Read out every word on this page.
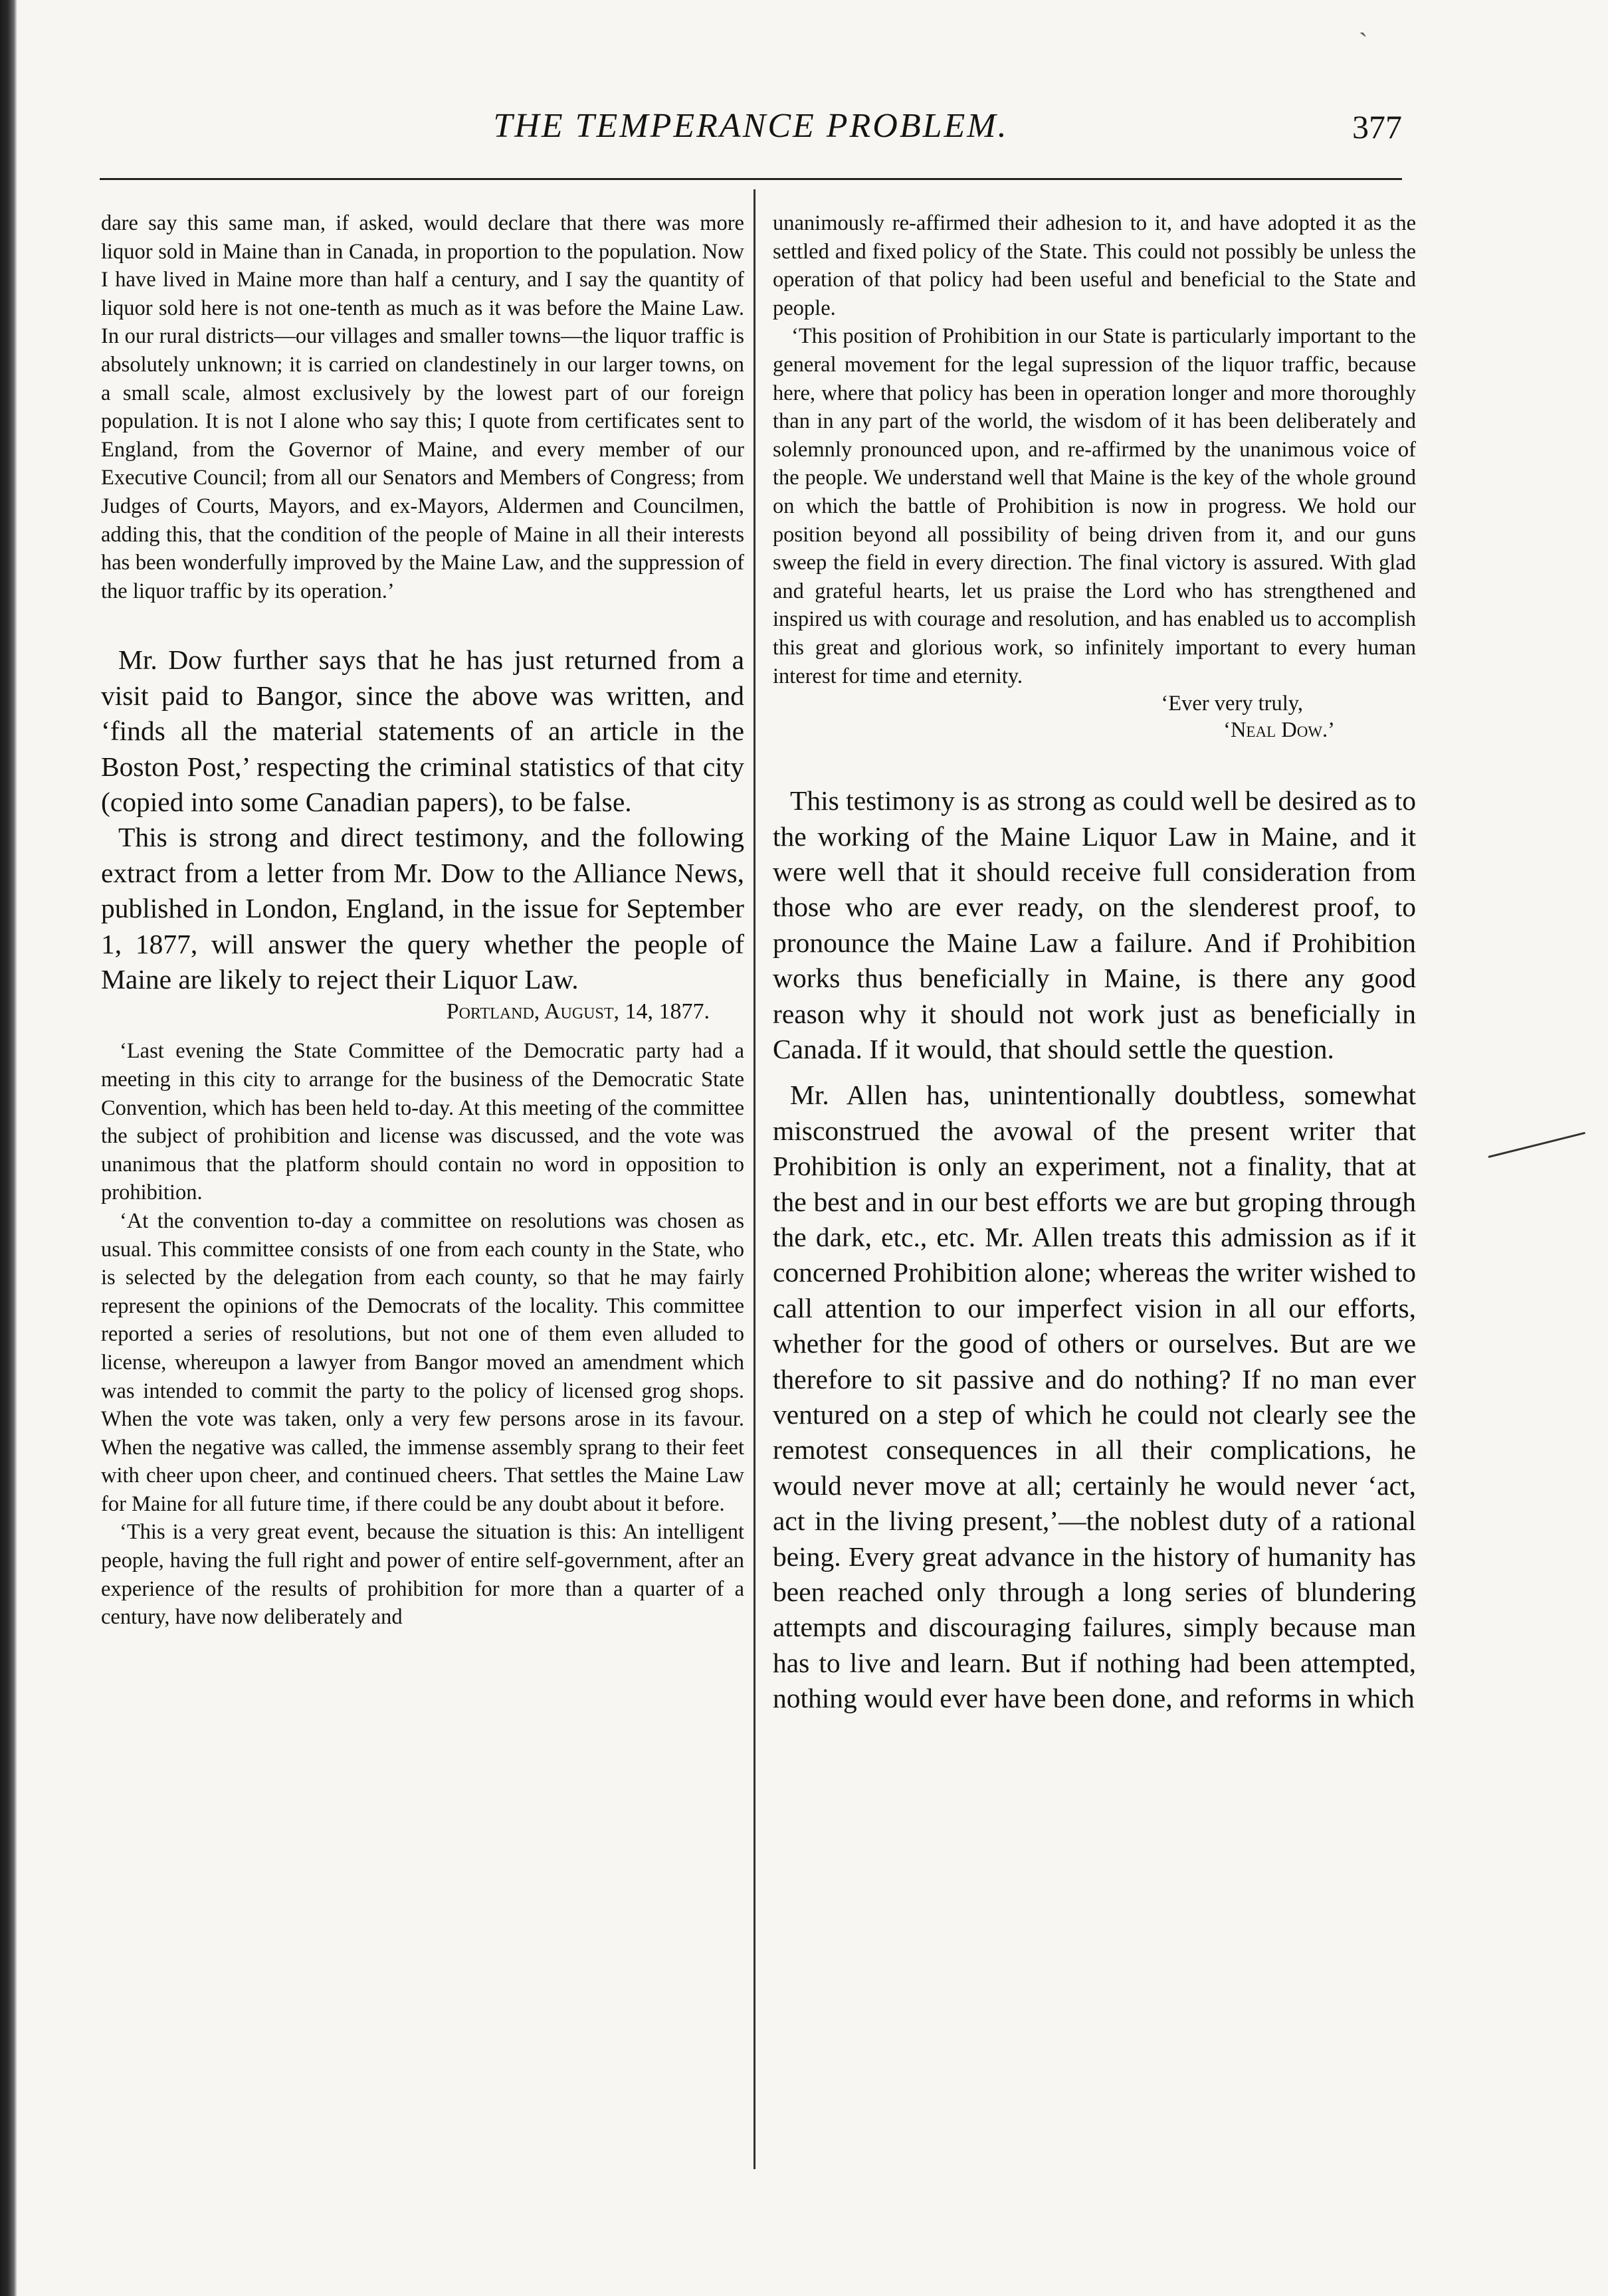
`
THE TEMPERANCE PROBLEM.	377

dare say this same man, if asked, would declare that there was more liquor sold in Maine than in Canada, in proportion to the population. Now I have lived in Maine more than half a century, and I say the quantity of liquor sold here is not one-tenth as much as it was before the Maine Law. In our rural districts—our villages and smaller towns—the liquor traffic is absolutely unknown; it is carried on clandestinely in our larger towns, on a small scale, almost exclusively by the lowest part of our foreign population. It is not I alone who say this; I quote from certificates sent to England, from the Governor of Maine, and every member of our Executive Council; from all our Senators and Members of Congress; from Judges of Courts, Mayors, and ex-Mayors, Aldermen and Councilmen, adding this, that the condition of the people of Maine in all their interests has been wonderfully improved by the Maine Law, and the suppression of the liquor traffic by its operation.’

Mr. Dow further says that he has just returned from a visit paid to Bangor, since the above was written, and ‘finds all the material statements of an article in the Boston Post,’ respecting the criminal statistics of that city (copied into some Canadian papers), to be false.

This is strong and direct testimony, and the following extract from a letter from Mr. Dow to the Alliance News, published in London, England, in the issue for September 1, 1877, will answer the query whether the people of Maine are likely to reject their Liquor Law.

Portland, August, 14, 1877.

‘Last evening the State Committee of the Democratic party had a meeting in this city to arrange for the business of the Democratic State Convention, which has been held to-day. At this meeting of the committee the subject of prohibition and license was discussed, and the vote was unanimous that the platform should contain no word in opposition to prohibition.

‘At the convention to-day a committee on resolutions was chosen as usual. This committee consists of one from each county in the State, who is selected by the delegation from each county, so that he may fairly represent the opinions of the Democrats of the locality. This committee reported a series of resolutions, but not one of them even alluded to license, whereupon a lawyer from Bangor moved an amendment which was intended to commit the party to the policy of licensed grog shops. When the vote was taken, only a very few persons arose in its favour. When the negative was called, the immense assembly sprang to their feet with cheer upon cheer, and continued cheers. That settles the Maine Law for Maine for all future time, if there could be any doubt about it before.

‘This is a very great event, because the situation is this: An intelligent people, having the full right and power of entire self-government, after an experience of the results of prohibition for more than a quarter of a century, have now deliberately and

unanimously re-affirmed their adhesion to it, and have adopted it as the settled and fixed policy of the State. This could not possibly be unless the operation of that policy had been useful and beneficial to the State and people.

‘This position of Prohibition in our State is particularly important to the general movement for the legal supression of the liquor traffic, because here, where that policy has been in operation longer and more thoroughly than in any part of the world, the wisdom of it has been deliberately and solemnly pronounced upon, and re-affirmed by the unanimous voice of the people. We understand well that Maine is the key of the whole ground on which the battle of Prohibition is now in progress. We hold our position beyond all possibility of being driven from it, and our guns sweep the field in every direction. The final victory is assured. With glad and grateful hearts, let us praise the Lord who has strengthened and inspired us with courage and resolution, and has enabled us to accomplish this great and glorious work, so infinitely important to every human interest for time and eternity.

‘Ever very truly,

‘Neal Dow.’

This testimony is as strong as could well be desired as to the working of the Maine Liquor Law in Maine, and it were well that it should receive full consideration from those who are ever ready, on the slenderest proof, to pronounce the Maine Law a failure. And if Prohibition works thus beneficially in Maine, is there any good reason why it should not work just as beneficially in Canada. If it would, that should settle the question.

Mr. Allen has, unintentionally doubtless, somewhat misconstrued the avowal of the present writer that Prohibition is only an experiment, not a finality, that at the best and in our best efforts we are but groping through the dark, etc., etc. Mr. Allen treats this admission as if it concerned Prohibition alone; whereas the writer wished to call attention to our imperfect vision in all our efforts, whether for the good of others or ourselves. But are we therefore to sit passive and do nothing? If no man ever ventured on a step of which he could not clearly see the remotest consequences in all their complications, he would never move at all; certainly he would never ‘act, act in the living present,’—the noblest duty of a rational being. Every great advance in the history of humanity has been reached only through a long series of blundering attempts and discouraging failures, simply because man has to live and learn. But if nothing had been attempted, nothing would ever have been done, and reforms in which
